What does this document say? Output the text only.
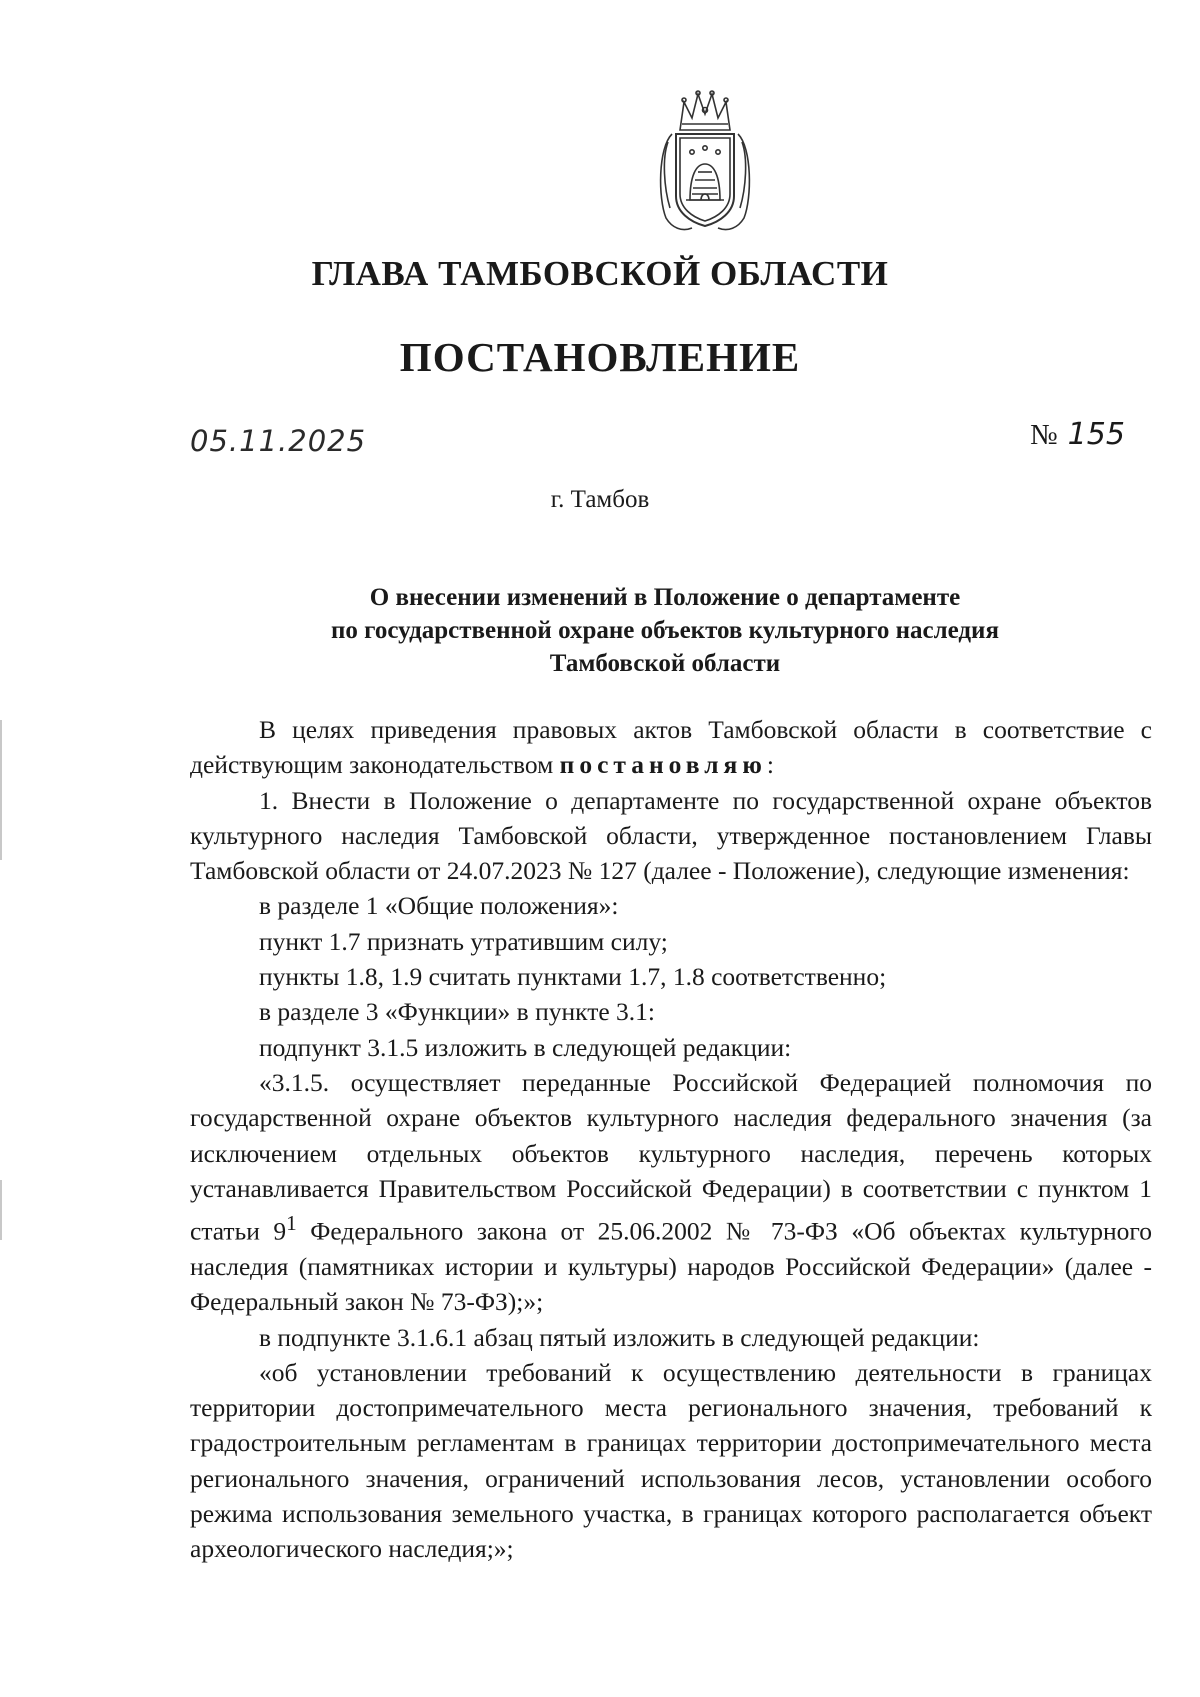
ГЛАВА ТАМБОВСКОЙ ОБЛАСТИ
ПОСТАНОВЛЕНИЕ
05.11.2025	№ 155
г. Тамбов
О внесении изменений в Положение о департаменте
по государственной охране объектов культурного наследия
Тамбовской области

В целях приведения правовых актов Тамбовской области в соответствие с действующим законодательством постановляю:

1. Внести в Положение о департаменте по государственной охране объектов культурного наследия Тамбовской области, утвержденное постановлением Главы Тамбовской области от 24.07.2023 № 127 (далее - Положение), следующие изменения:

в разделе 1 «Общие положения»:

пункт 1.7 признать утратившим силу;

пункты 1.8, 1.9 считать пунктами 1.7, 1.8 соответственно;

в разделе 3 «Функции» в пункте 3.1:

подпункт 3.1.5 изложить в следующей редакции:

«3.1.5. осуществляет переданные Российской Федерацией полномочия по государственной охране объектов культурного наследия федерального значения (за исключением отдельных объектов культурного наследия, перечень которых устанавливается Правительством Российской Федерации) в соответствии с пунктом 1 статьи $9^1$ Федерального закона от 25.06.2002 № 73-ФЗ «Об объектах культурного наследия (памятниках истории и культуры) народов Российской Федерации» (далее - Федеральный закон № 73-ФЗ);»;

в подпункте 3.1.6.1 абзац пятый изложить в следующей редакции:

«об установлении требований к осуществлению деятельности в границах территории достопримечательного места регионального значения, требований к градостроительным регламентам в границах территории достопримечательного места регионального значения, ограничений использования лесов, установлении особого режима использования земельного участка, в границах которого располагается объект археологического наследия;»;
